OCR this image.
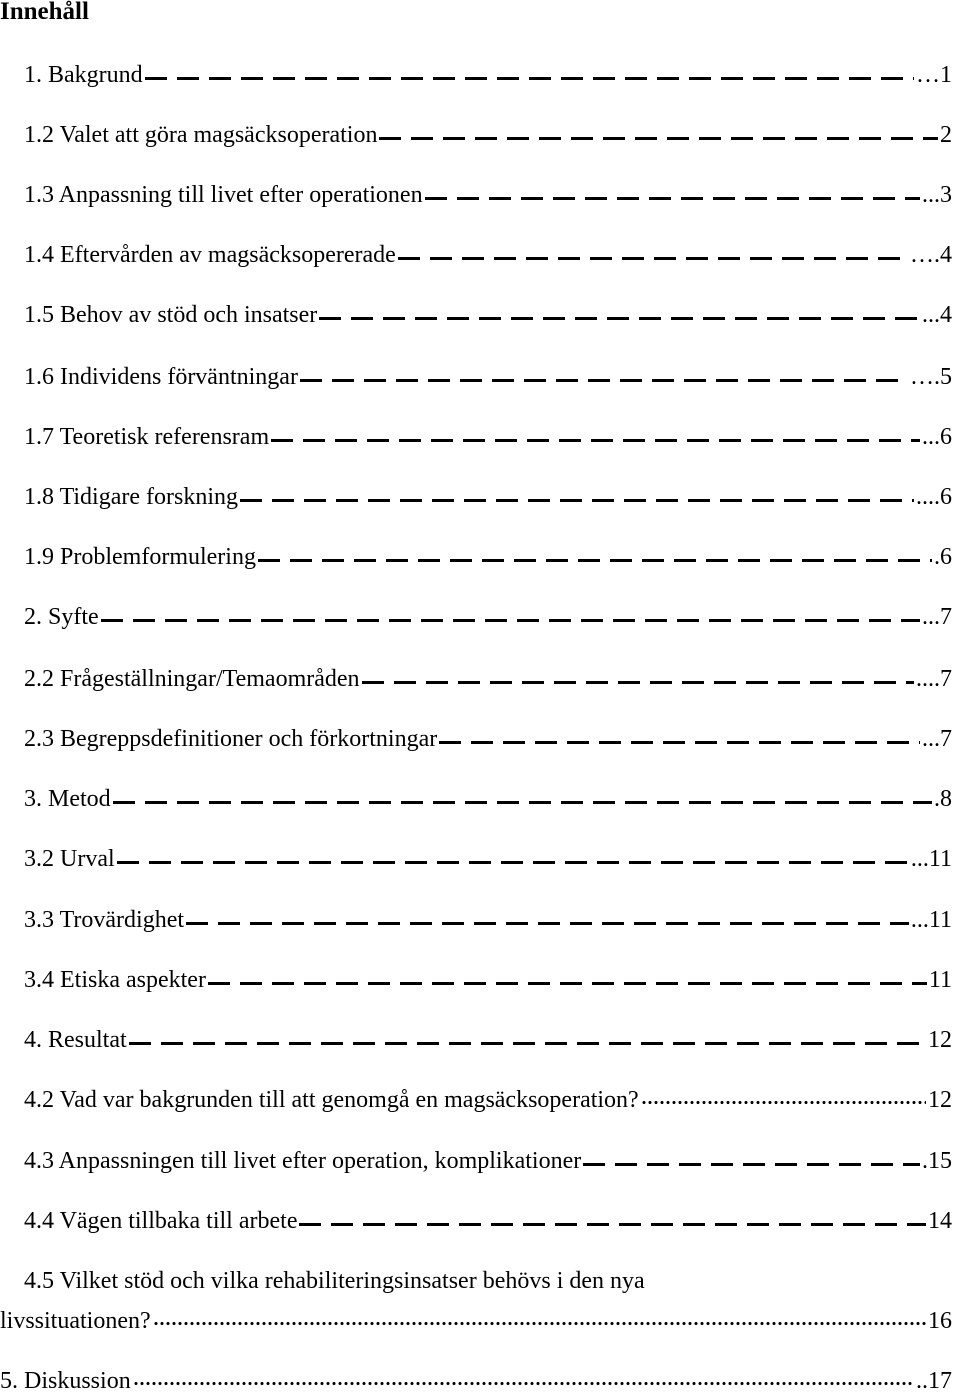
Innehåll
1. Bakgrund	…1
1.2 Valet att göra magsäcksoperation	2
1.3 Anpassning till livet efter operationen	...3
1.4 Eftervården av magsäcksopererade	….4
1.5 Behov av stöd och insatser	...4
1.6 Individens förväntningar	….5
1.7 Teoretisk referensram	...6
1.8 Tidigare forskning	....6
1.9 Problemformulering	.6
2. Syfte	...7
2.2 Frågeställningar/Temaområden	....7
2.3 Begreppsdefinitioner och förkortningar	...7
3. Metod	.8
3.2 Urval	...11
3.3 Trovärdighet	...11
3.4 Etiska aspekter	11
4. Resultat	12
4.2 Vad var bakgrunden till att genomgå en magsäcksoperation?	12
4.3 Anpassningen till livet efter operation, komplikationer	.15
4.4 Vägen tillbaka till arbete	14
4.5 Vilket stöd och vilka rehabiliteringsinsatser behövs i den nya
livssituationen?	16
5. Diskussion	..17
